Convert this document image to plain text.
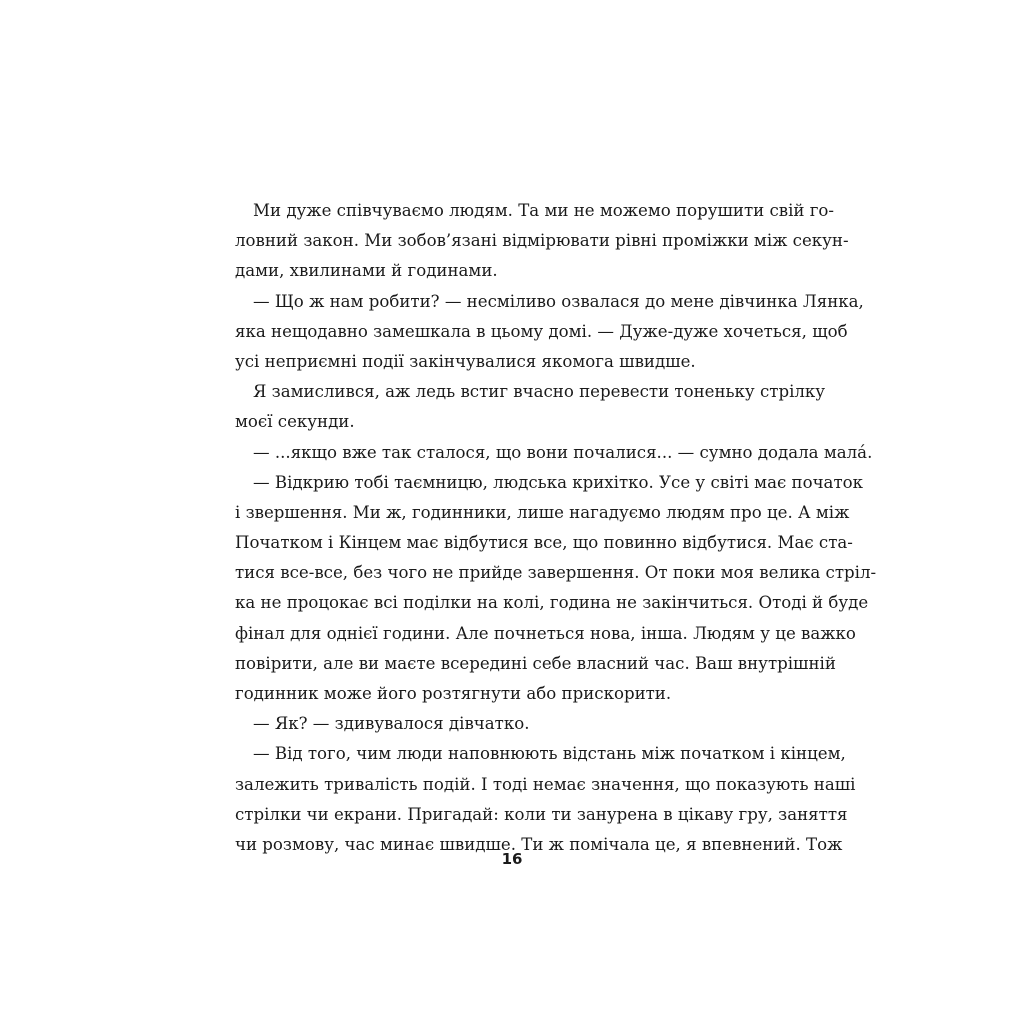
Ми дуже співчуваємо людям. Та ми не можемо порушити свій го-
ловний закон. Ми зобов’язані відмірювати рівні проміжки між секун-
дами, хвилинами й годинами.
— Що ж нам робити? — несміливо озвалася до мене дівчинка Лянка,
яка нещодавно замешкала в цьому домі. — Дуже-дуже хочеться, щоб
усі неприємні події закінчувалися якомога швидше.
Я замислився, аж ледь встиг вчасно перевести тоненьку стрілку
моєї секунди.
— ...якщо вже так сталося, що вони почалися... — сумно додала малá.
— Відкрию тобі таємницю, людська крихітко. Усе у світі має початок
і звершення. Ми ж, годинники, лише нагадуємо людям про це. А між
Початком і Кінцем має відбутися все, що повинно відбутися. Має ста-
тися все-все, без чого не прийде завершення. От поки моя велика стріл-
ка не процокає всі поділки на колі, година не закінчиться. Отоді й буде
фінал для однієї години. Але почнеться нова, інша. Людям у це важко
повірити, але ви маєте всередині себе власний час. Ваш внутрішній
годинник може його розтягнути або прискорити.
— Як? — здивувалося дівчатко.
— Від того, чим люди наповнюють відстань між початком і кінцем,
залежить тривалість подій. І тоді немає значення, що показують наші
стрілки чи екрани. Пригадай: коли ти занурена в цікаву гру, заняття
чи розмову, час минає швидше. Ти ж помічала це, я впевнений. Тож
16
